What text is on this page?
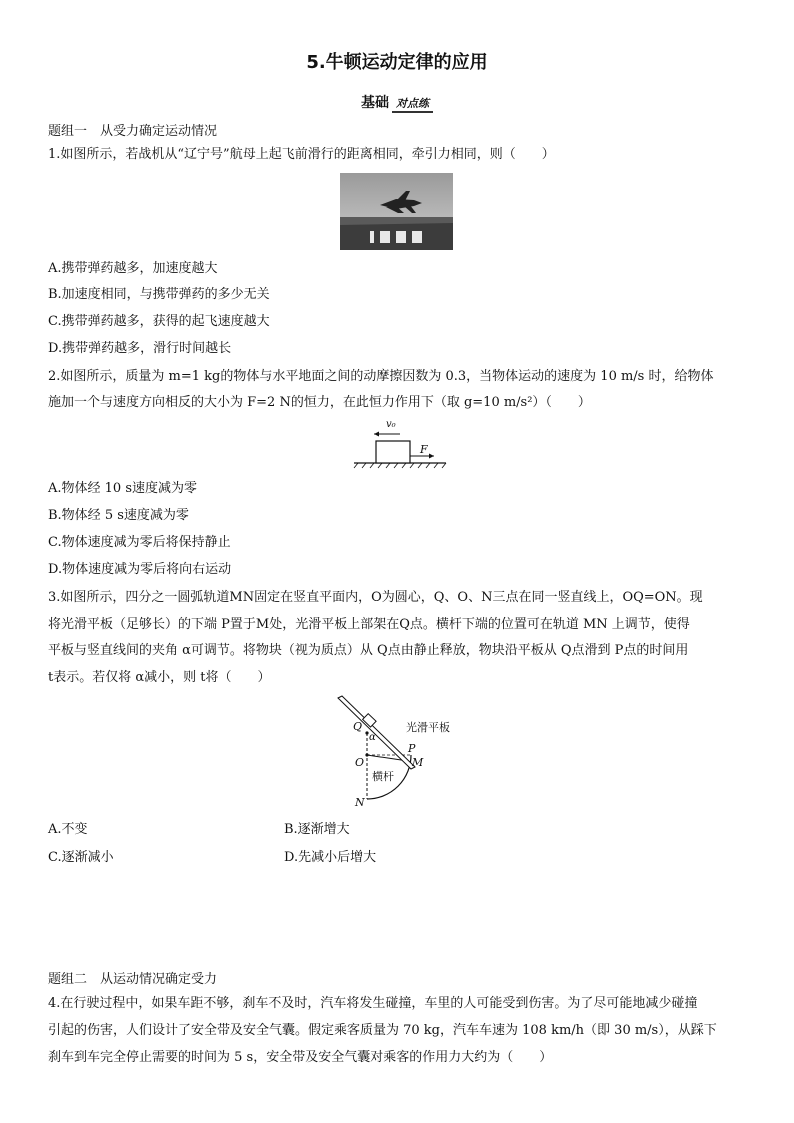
5.牛顿运动定律的应用
基础 对点练
题组一　从受力确定运动情况
1.如图所示，若战机从“辽宁号”航母上起飞前滑行的距离相同，牵引力相同，则（　　）
A.携带弹药越多，加速度越大
B.加速度相同，与携带弹药的多少无关
C.携带弹药越多，获得的起飞速度越大
D.携带弹药越多，滑行时间越长
2.如图所示，质量为 m=1 kg的物体与水平地面之间的动摩擦因数为 0.3，当物体运动的速度为 10 m/s 时，给物体
施加一个与速度方向相反的大小为 F=2 N的恒力，在此恒力作用下（取 g=10 m/s²）（　　）
v₀
F
A.物体经 10 s速度减为零
B.物体经 5 s速度减为零
C.物体速度减为零后将保持静止
D.物体速度减为零后将向右运动
3.如图所示，四分之一圆弧轨道MN固定在竖直平面内，O为圆心，Q、O、N三点在同一竖直线上，OQ=ON。现
将光滑平板（足够长）的下端 P置于M处，光滑平板上部架在Q点。横杆下端的位置可在轨道 MN 上调节，使得
平板与竖直线间的夹角 α可调节。将物块（视为质点）从 Q点由静止释放，物块沿平板从 Q点滑到 P点的时间用
t表示。若仅将 α减小，则 t将（　　）
Q
α
P
M
O
N
光滑平板
横杆
A.不变	B.逐渐增大
C.逐渐减小	D.先减小后增大
题组二　从运动情况确定受力
4.在行驶过程中，如果车距不够，刹车不及时，汽车将发生碰撞，车里的人可能受到伤害。为了尽可能地减少碰撞
引起的伤害，人们设计了安全带及安全气囊。假定乘客质量为 70 kg，汽车车速为 108 km/h（即 30 m/s），从踩下
刹车到车完全停止需要的时间为 5 s，安全带及安全气囊对乘客的作用力大约为（　　）
